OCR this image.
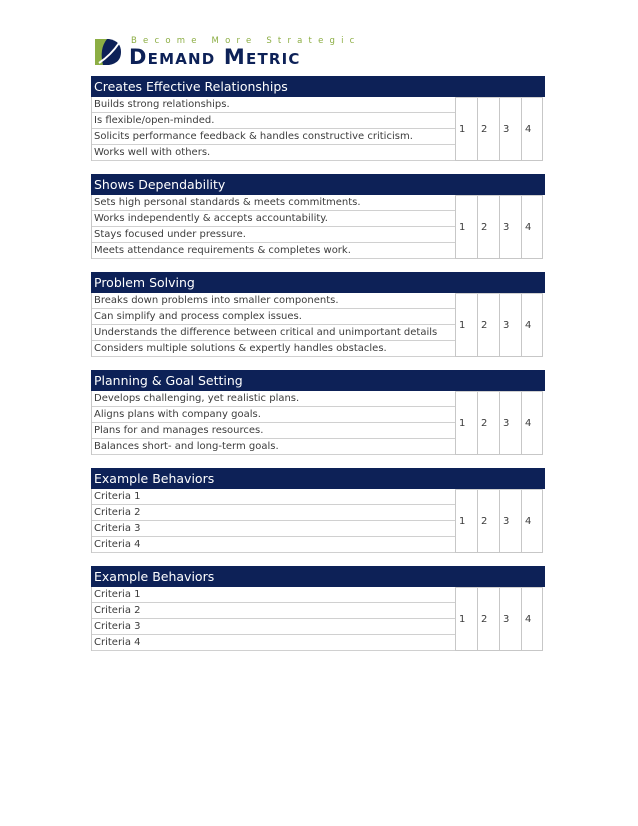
Become More Strategic
Demand Metric
Creates Effective Relationships
Builds strong relationships.
Is flexible/open-minded.
Solicits performance feedback & handles constructive criticism.
Works well with others.
1	2	3	4
Shows Dependability
Sets high personal standards & meets commitments.
Works independently & accepts accountability.
Stays focused under pressure.
Meets attendance requirements & completes work.
1	2	3	4
Problem Solving
Breaks down problems into smaller components.
Can simplify and process complex issues.
Understands the difference between critical and unimportant details
Considers multiple solutions & expertly handles obstacles.
1	2	3	4
Planning & Goal Setting
Develops challenging, yet realistic plans.
Aligns plans with company goals.
Plans for and manages resources.
Balances short- and long-term goals.
1	2	3	4
Example Behaviors
Criteria 1
Criteria 2
Criteria 3
Criteria 4
1	2	3	4
Example Behaviors
Criteria 1
Criteria 2
Criteria 3
Criteria 4
1	2	3	4
